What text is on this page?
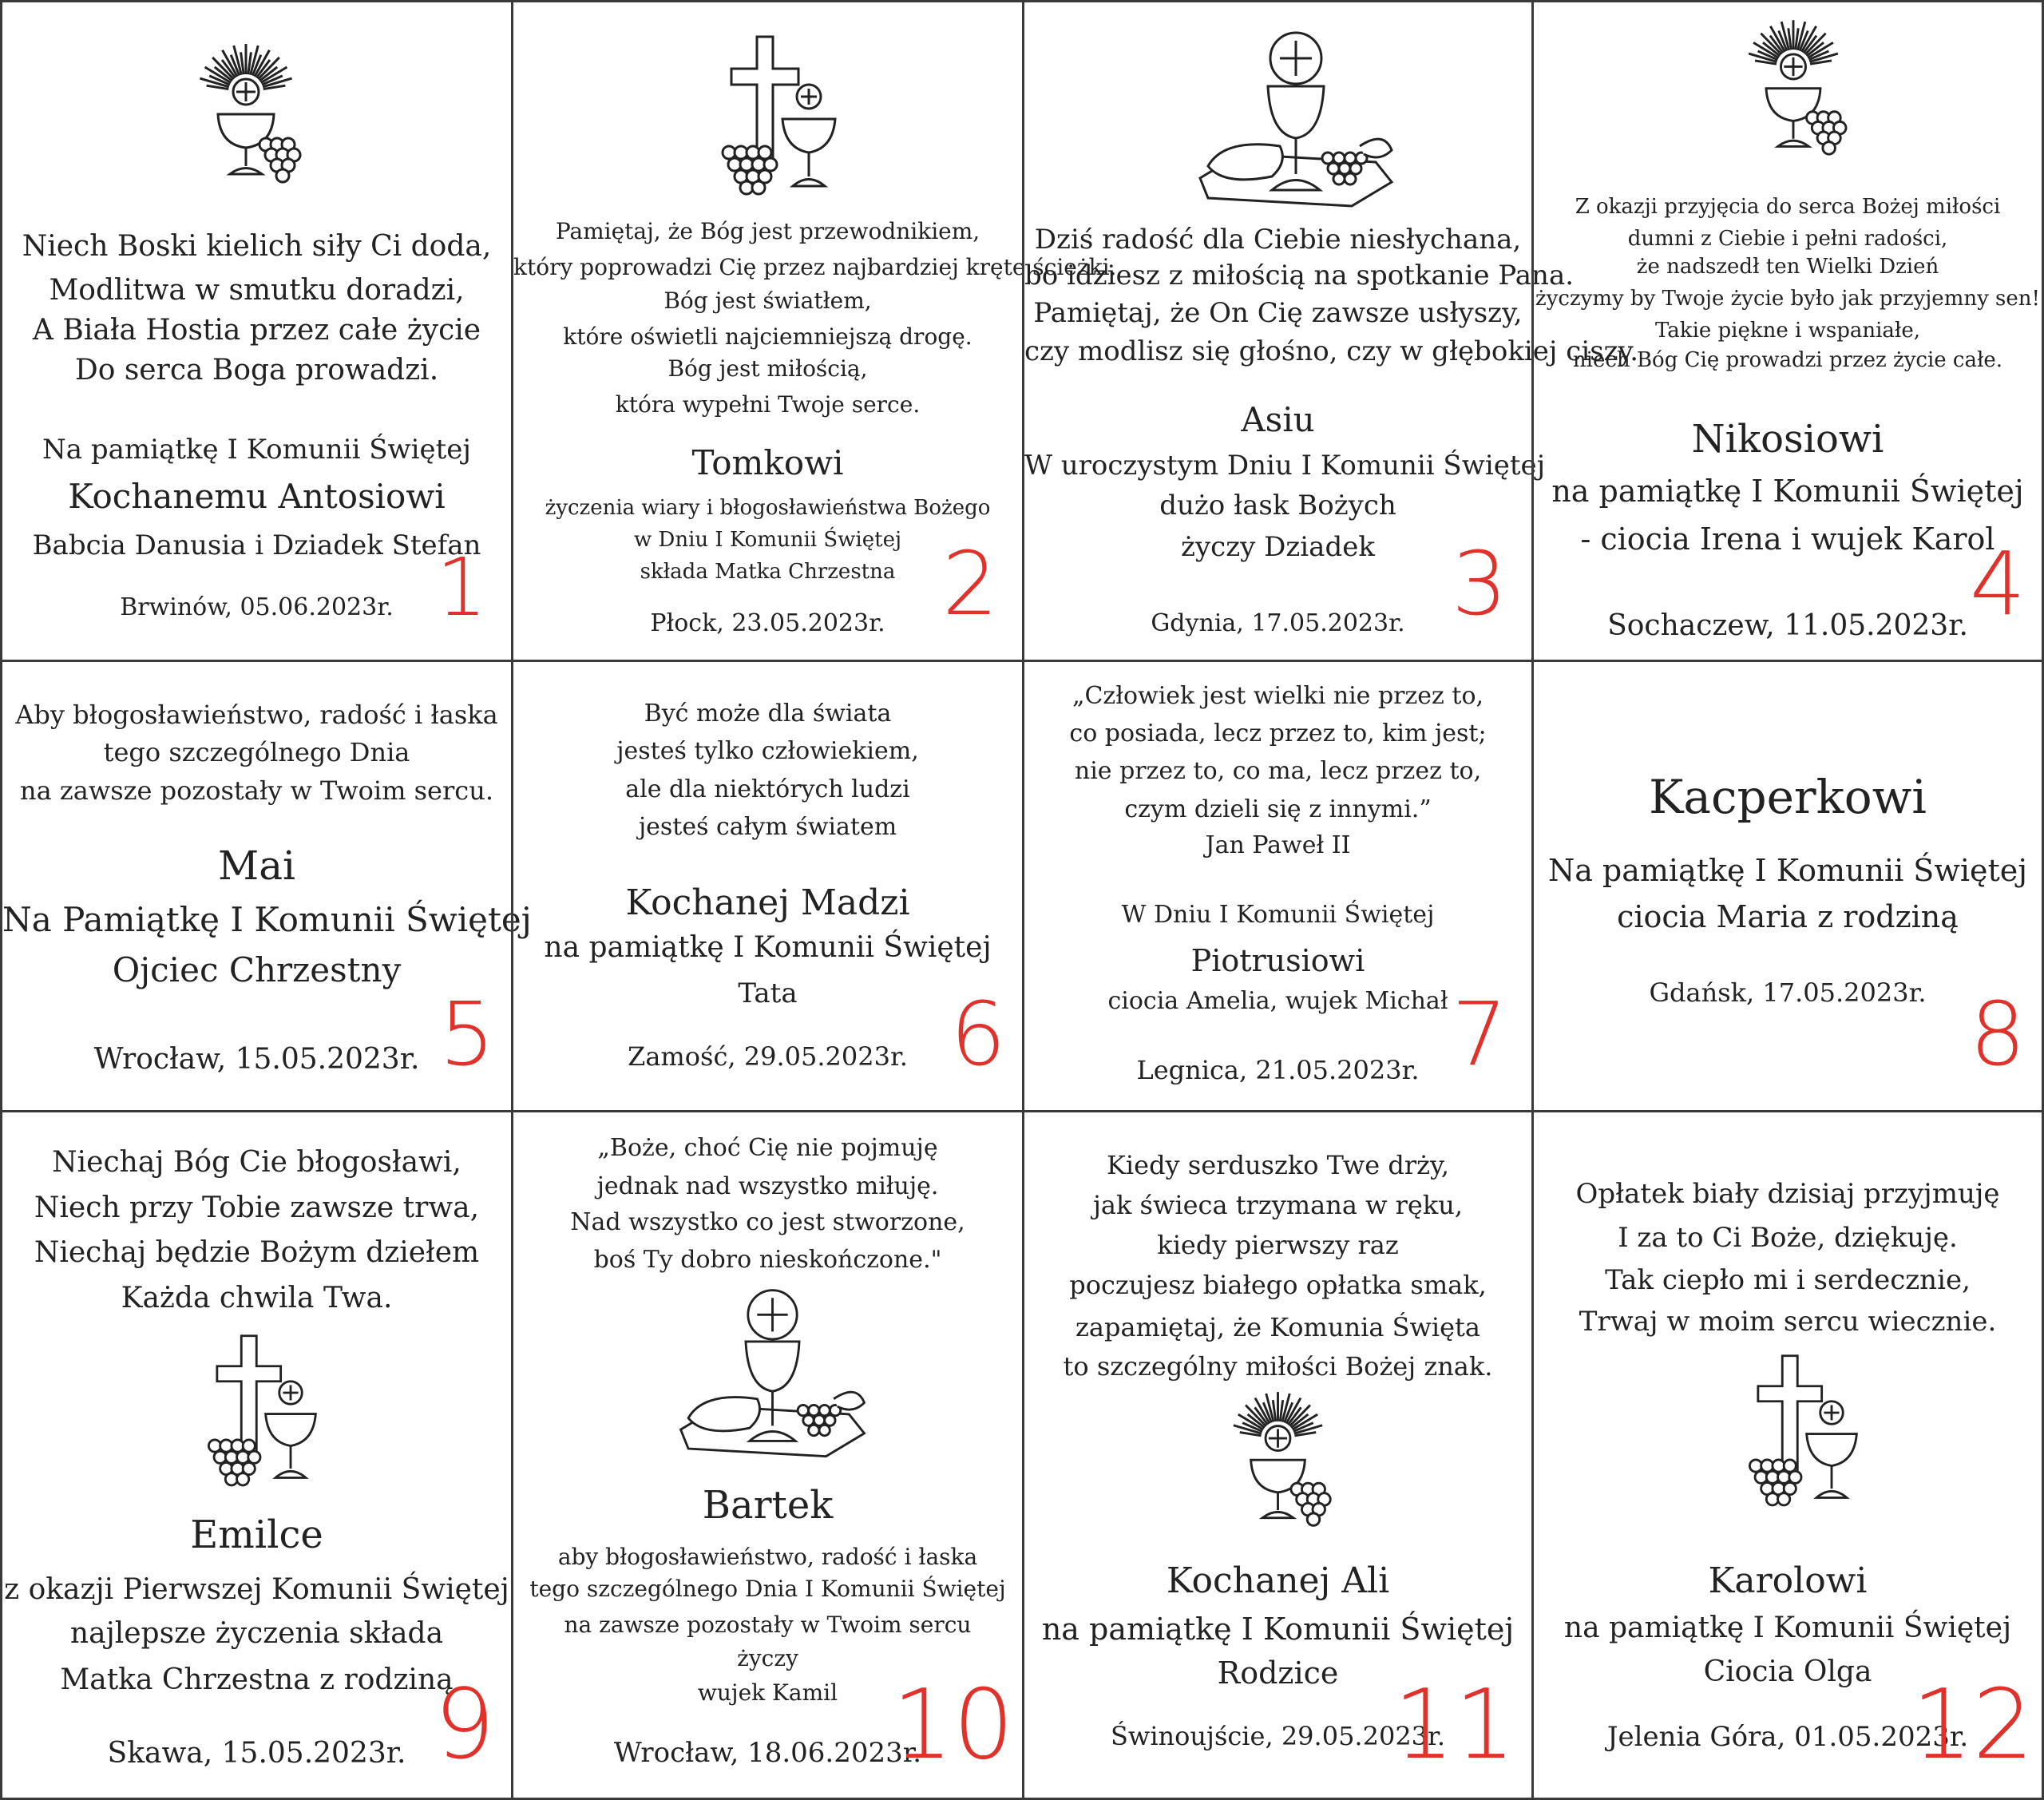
Niech Boski kielich siły Ci doda,
Modlitwa w smutku doradzi,
A Biała Hostia przez całe życie
Do serca Boga prowadzi.
Na pamiątkę I Komunii Świętej
Kochanemu Antosiowi
Babcia Danusia i Dziadek Stefan
Brwinów, 05.06.2023r. 1
Pamiętaj, że Bóg jest przewodnikiem,
który poprowadzi Cię przez najbardziej kręte ścieżki.
Bóg jest światłem,
które oświetli najciemniejszą drogę.
Bóg jest miłością,
która wypełni Twoje serce.
Tomkowi
życzenia wiary i błogosławieństwa Bożego
w Dniu I Komunii Świętej
składa Matka Chrzestna
Płock, 23.05.2023r. 2
Dziś radość dla Ciebie niesłychana,
bo idziesz z miłością na spotkanie Pana.
Pamiętaj, że On Cię zawsze usłyszy,
czy modlisz się głośno, czy w głębokiej ciszy.
Asiu
W uroczystym Dniu I Komunii Świętej
dużo łask Bożych
życzy Dziadek
Gdynia, 17.05.2023r. 3
Z okazji przyjęcia do serca Bożej miłości
dumni z Ciebie i pełni radości,
że nadszedł ten Wielki Dzień
życzymy by Twoje życie było jak przyjemny sen!
Takie piękne i wspaniałe,
niech Bóg Cię prowadzi przez życie całe.
Nikosiowi
na pamiątkę I Komunii Świętej
- ciocia Irena i wujek Karol
Sochaczew, 11.05.2023r. 4
Aby błogosławieństwo, radość i łaska
tego szczególnego Dnia
na zawsze pozostały w Twoim sercu.
Mai
Na Pamiątkę I Komunii Świętej
Ojciec Chrzestny
Wrocław, 15.05.2023r. 5
Być może dla świata
jesteś tylko człowiekiem,
ale dla niektórych ludzi
jesteś całym światem
Kochanej Madzi
na pamiątkę I Komunii Świętej
Tata
Zamość, 29.05.2023r. 6
„Człowiek jest wielki nie przez to,
co posiada, lecz przez to, kim jest;
nie przez to, co ma, lecz przez to,
czym dzieli się z innymi.”
Jan Paweł II
W Dniu I Komunii Świętej
Piotrusiowi
ciocia Amelia, wujek Michał
Legnica, 21.05.2023r. 7
Kacperkowi
Na pamiątkę I Komunii Świętej
ciocia Maria z rodziną
Gdańsk, 17.05.2023r. 8
Niechaj Bóg Cie błogosławi,
Niech przy Tobie zawsze trwa,
Niechaj będzie Bożym dziełem
Każda chwila Twa.
Emilce
z okazji Pierwszej Komunii Świętej
najlepsze życzenia składa
Matka Chrzestna z rodziną
Skawa, 15.05.2023r. 9
„Boże, choć Cię nie pojmuję
jednak nad wszystko miłuję.
Nad wszystko co jest stworzone,
boś Ty dobro nieskończone."
Bartek
aby błogosławieństwo, radość i łaska
tego szczególnego Dnia I Komunii Świętej
na zawsze pozostały w Twoim sercu
życzy
wujek Kamil
Wrocław, 18.06.2023r.
10
Kiedy serduszko Twe drży,
jak świeca trzymana w ręku,
kiedy pierwszy raz
poczujesz białego opłatka smak,
zapamiętaj, że Komunia Święta
to szczególny miłości Bożej znak.
Kochanej Ali
na pamiątkę I Komunii Świętej
Rodzice
Świnoujście, 29.05.2023r.
11
Opłatek biały dzisiaj przyjmuję
I za to Ci Boże, dziękuję.
Tak ciepło mi i serdecznie,
Trwaj w moim sercu wiecznie.
Karolowi
na pamiątkę I Komunii Świętej
Ciocia Olga
Jelenia Góra, 01.05.2023r.
12
